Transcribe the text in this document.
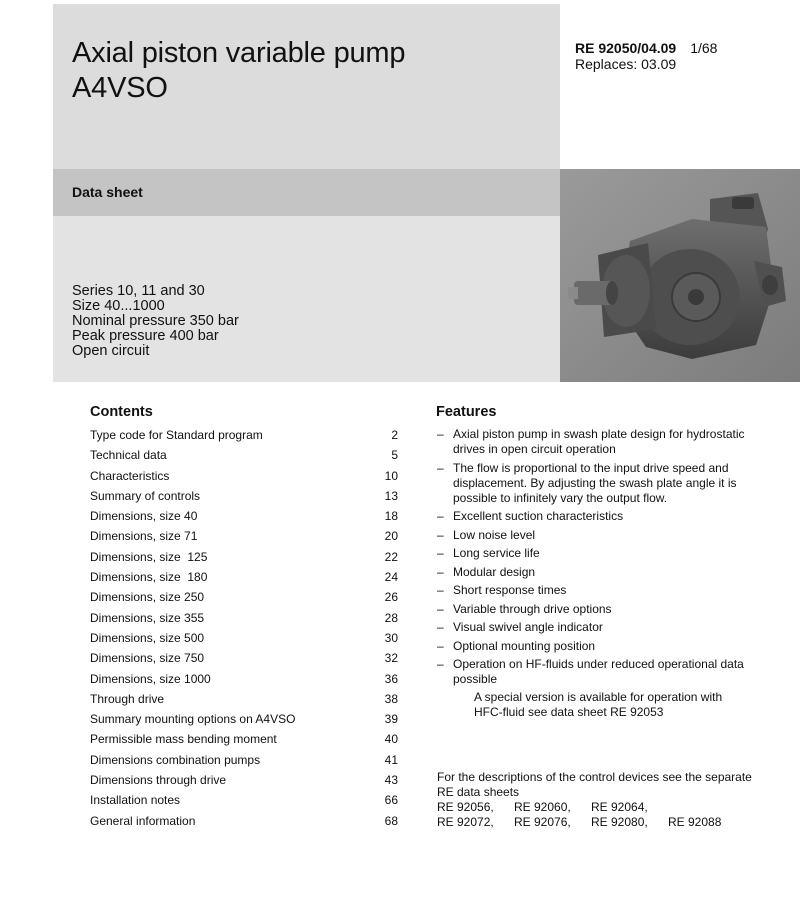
Axial piston variable pump
A4VSO
RE 92050/04.09 1/68
Replaces: 03.09
Data sheet
Series 10, 11 and 30
Size 40...1000
Nominal pressure 350 bar
Peak pressure 400 bar
Open circuit
Contents
Type code for Standard program	2
Technical data	5
Characteristics	10
Summary of controls	13
Dimensions, size 40	18
Dimensions, size 71	20
Dimensions, size  125	22
Dimensions, size  180	24
Dimensions, size 250	26
Dimensions, size 355	28
Dimensions, size 500	30
Dimensions, size 750	32
Dimensions, size 1000	36
Through drive	38
Summary mounting options on A4VSO	39
Permissible mass bending moment	40
Dimensions combination pumps	41
Dimensions through drive	43
Installation notes	66
General information	68
Features
– Axial piston pump in swash plate design for hydrostatic drives in open circuit operation
– The flow is proportional to the input drive speed and displacement. By adjusting the swash plate angle it is possible to infinitely vary the output flow.
– Excellent suction characteristics
– Low noise level
– Long service life
– Modular design
– Short response times
– Variable through drive options
– Visual swivel angle indicator
– Optional mounting position
– Operation on HF-fluids under reduced operational data possible
A special version is available for operation with
HFC-fluid see data sheet RE 92053
For the descriptions of the control devices see the separate
RE data sheets
RE 92056,	RE 92060,	RE 92064,
RE 92072,	RE 92076,	RE 92080,	RE 92088
